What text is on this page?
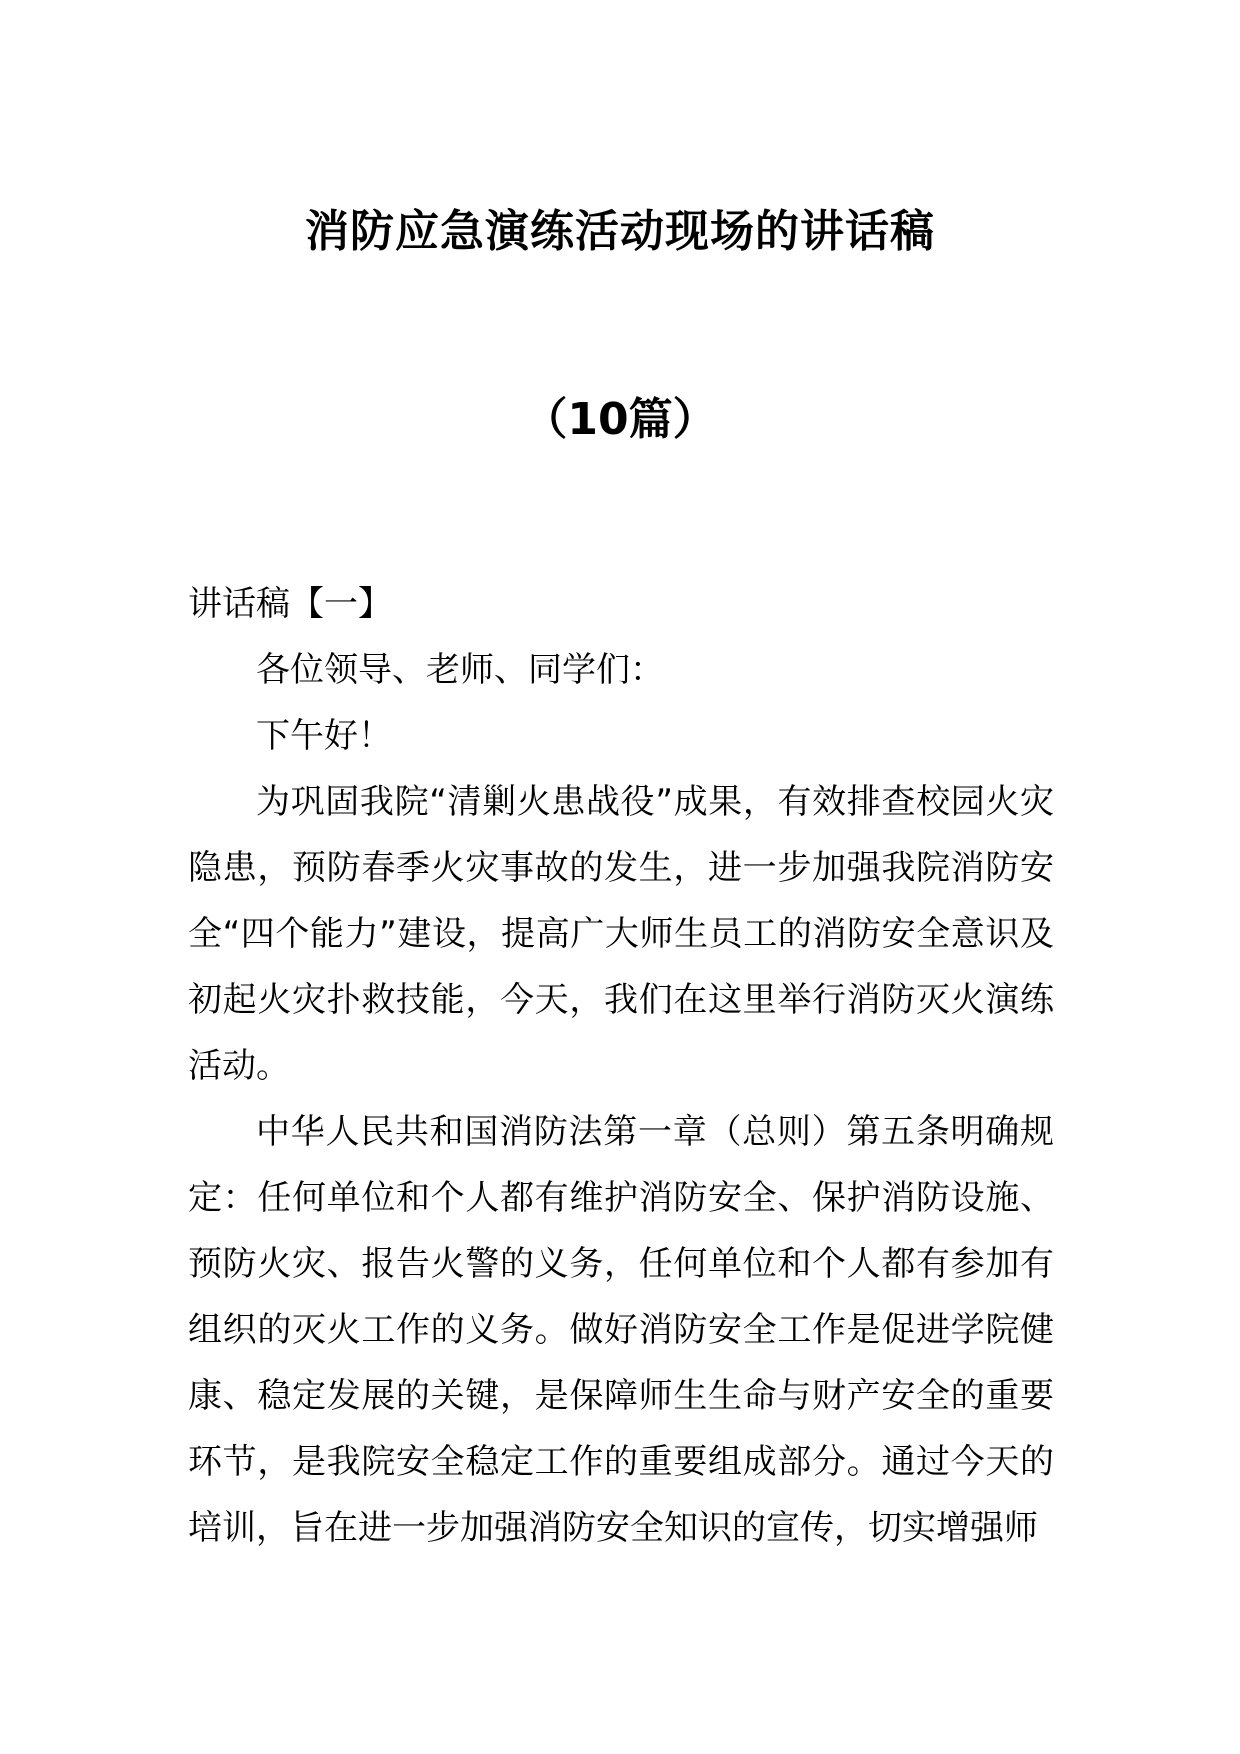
消防应急演练活动现场的讲话稿
（10篇）

讲话稿【一】

各位领导、老师、同学们：

下午好！

为巩固我院“清剿火患战役”成果，有效排查校园火灾隐患，预防春季火灾事故的发生，进一步加强我院消防安全“四个能力”建设，提高广大师生员工的消防安全意识及初起火灾扑救技能，今天，我们在这里举行消防灭火演练活动。

中华人民共和国消防法第一章（总则）第五条明确规定：任何单位和个人都有维护消防安全、保护消防设施、预防火灾、报告火警的义务，任何单位和个人都有参加有组织的灭火工作的义务。做好消防安全工作是促进学院健康、稳定发展的关键，是保障师生生命与财产安全的重要环节，是我院安全稳定工作的重要组成部分。通过今天的培训，旨在进一步加强消防安全知识的宣传，切实增强师
